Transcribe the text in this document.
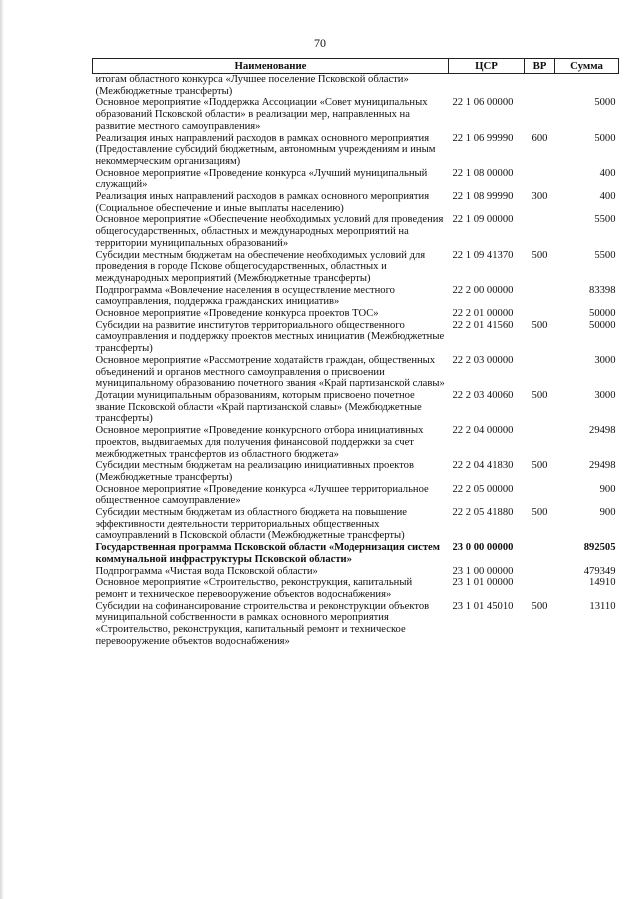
70
Наименование	ЦСР	ВР	Сумма
итогам областного конкурса «Лучшее поселение Псковской области» (Межбюджетные трансферты)			
Основное мероприятие «Поддержка Ассоциации «Совет муниципальных образований Псковской области» в реализации мер, направленных на развитие местного самоуправления»	22 1 06 00000		5000
Реализация иных направлений расходов в рамках основного мероприятия (Предоставление субсидий бюджетным, автономным учреждениям и иным некоммерческим организациям)	22 1 06 99990	600	5000
Основное мероприятие «Проведение конкурса «Лучший муниципальный служащий»	22 1 08 00000		400
Реализация иных направлений расходов в рамках основного мероприятия (Социальное обеспечение и иные выплаты населению)	22 1 08 99990	300	400
Основное мероприятие «Обеспечение необходимых условий для проведения общегосударственных, областных и международных мероприятий на территории муниципальных образований»	22 1 09 00000		5500
Субсидии местным бюджетам на обеспечение необходимых условий для проведения в городе Пскове общегосударственных, областных и международных мероприятий (Межбюджетные трансферты)	22 1 09 41370	500	5500
Подпрограмма «Вовлечение населения в осуществление местного самоуправления, поддержка гражданских инициатив»	22 2 00 00000		83398
Основное мероприятие «Проведение конкурса проектов ТОС»	22 2 01 00000		50000
Субсидии на развитие институтов территориального общественного самоуправления и поддержку проектов местных инициатив (Межбюджетные трансферты)	22 2 01 41560	500	50000
Основное мероприятие «Рассмотрение ходатайств граждан, общественных объединений и органов местного самоуправления о присвоении муниципальному образованию почетного звания «Край партизанской славы»	22 2 03 00000		3000
Дотации муниципальным образованиям, которым присвоено почетное звание Псковской области «Край партизанской славы» (Межбюджетные трансферты)	22 2 03 40060	500	3000
Основное мероприятие «Проведение конкурсного отбора инициативных проектов, выдвигаемых для получения финансовой поддержки за счет межбюджетных трансфертов из областного бюджета»	22 2 04 00000		29498
Субсидии местным бюджетам на реализацию инициативных проектов (Межбюджетные трансферты)	22 2 04 41830	500	29498
Основное мероприятие «Проведение конкурса «Лучшее территориальное общественное самоуправление»	22 2 05 00000		900
Субсидии местным бюджетам из областного бюджета на повышение эффективности деятельности территориальных общественных самоуправлений в Псковской области (Межбюджетные трансферты)	22 2 05 41880	500	900
Государственная программа Псковской области «Модернизация систем коммунальной инфраструктуры Псковской области»	23 0 00 00000		892505
Подпрограмма «Чистая вода Псковской области»	23 1 00 00000		479349
Основное мероприятие «Строительство, реконструкция, капитальный ремонт и техническое перевооружение объектов водоснабжения»	23 1 01 00000		14910
Субсидии на софинансирование строительства и реконструкции объектов муниципальной собственности в рамках основного мероприятия «Строительство, реконструкция, капитальный ремонт и техническое перевооружение объектов водоснабжения»	23 1 01 45010	500	13110
